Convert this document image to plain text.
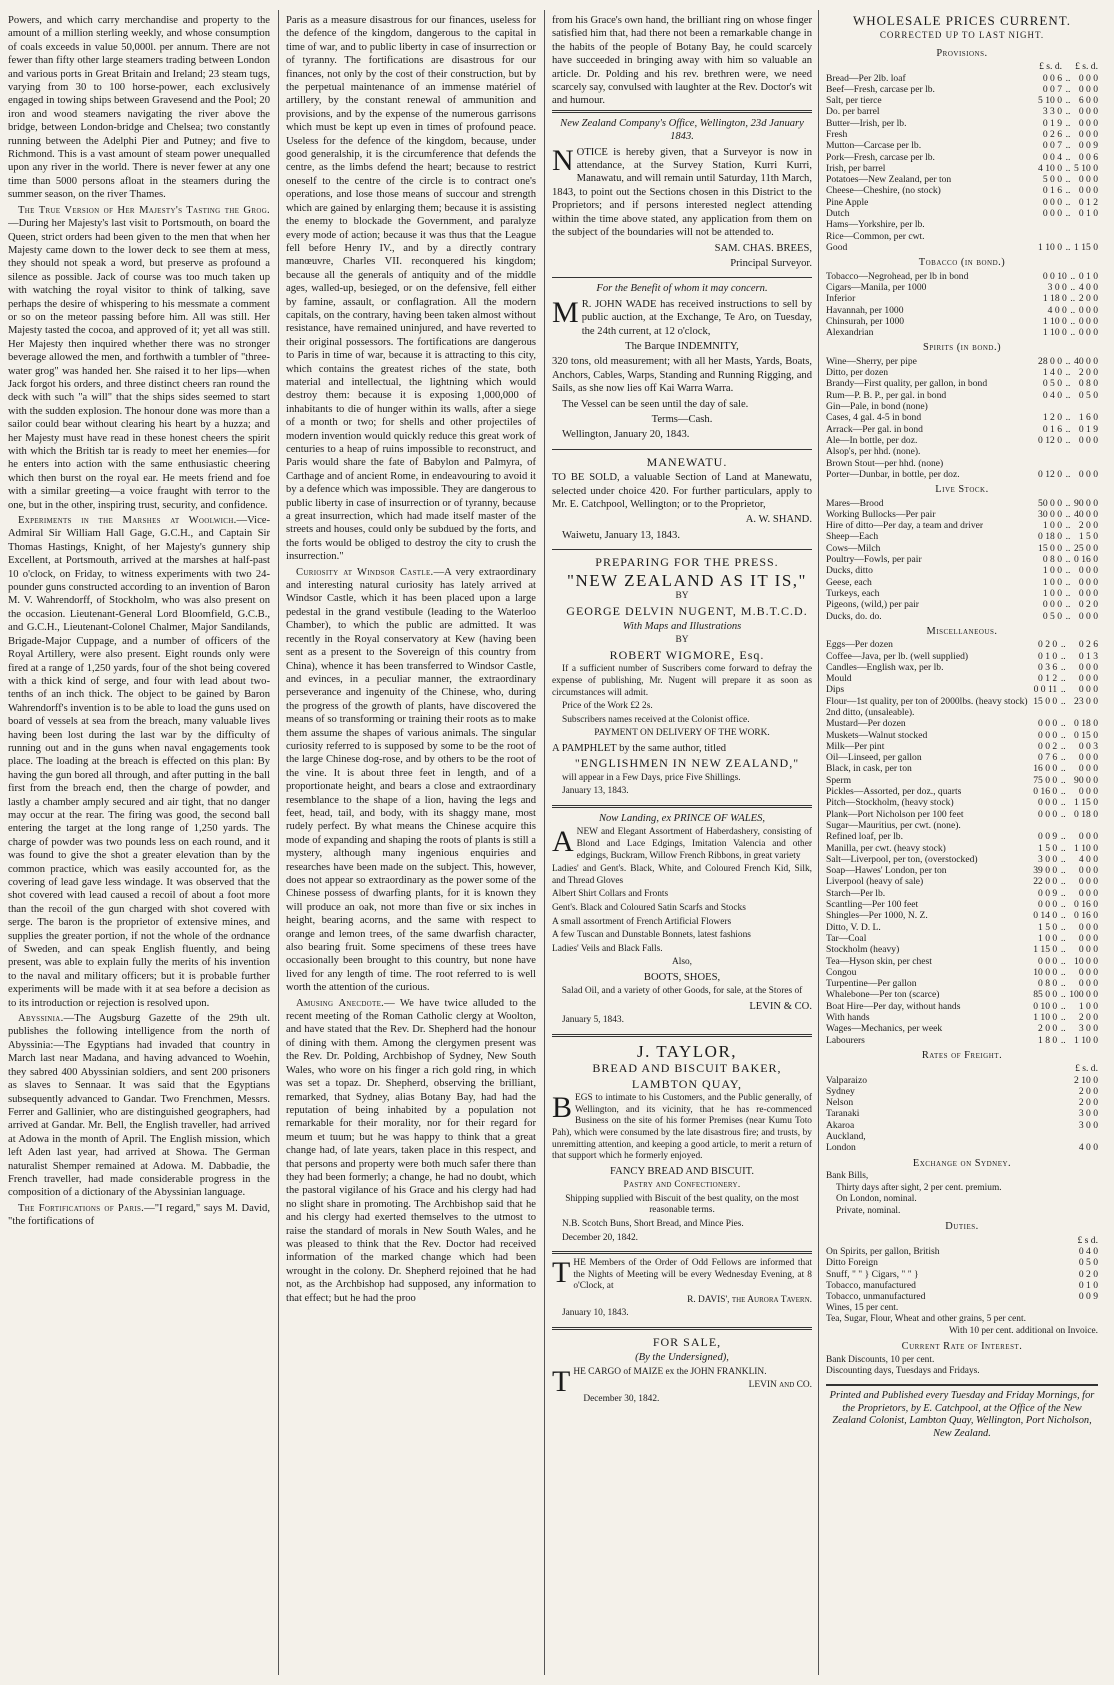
Powers, and which carry merchandise and property to the amount of a million sterling weekly, and whose consumption of coals exceeds in value 50,000l. per annum. There are not fewer than fifty other large steamers trading between London and various ports in Great Britain and Ireland; 23 steam tugs, varying from 30 to 100 horse-power, each exclusively engaged in towing ships between Gravesend and the Pool; 20 iron and wood steamers navigating the river above the bridge, between London-bridge and Chelsea; two constantly running between the Adelphi Pier and Putney; and five to Richmond. This is a vast amount of steam power unequalled upon any river in the world. There is never fewer at any one time than 5000 persons afloat in the steamers during the summer season, on the river Thames.

The True Version of Her Majesty's Tasting the Grog.—During her Majesty's last visit to Portsmouth, on board the Queen, strict orders had been given to the men that when her Majesty came down to the lower deck to see them at mess, they should not speak a word, but preserve as profound a silence as possible. Jack of course was too much taken up with watching the royal visitor to think of talking, save perhaps the desire of whispering to his messmate a comment or so on the meteor passing before him. All was still. Her Majesty tasted the cocoa, and approved of it; yet all was still. Her Majesty then inquired whether there was no stronger beverage allowed the men, and forthwith a tumbler of "three-water grog" was handed her. She raised it to her lips—when Jack forgot his orders, and three distinct cheers ran round the deck with such "a will" that the ships sides seemed to start with the sudden explosion. The honour done was more than a sailor could bear without clearing his heart by a huzza; and her Majesty must have read in these honest cheers the spirit with which the British tar is ready to meet her enemies—for he enters into action with the same enthusiastic cheering which then burst on the royal ear. He meets friend and foe with a similar greeting—a voice fraught with terror to the one, but in the other, inspiring trust, security, and confidence.

Experiments in the Marshes at Woolwich.—Vice-Admiral Sir William Hall Gage, G.C.H., and Captain Sir Thomas Hastings, Knight, of her Majesty's gunnery ship Excellent, at Portsmouth, arrived at the marshes at half-past 10 o'clock, on Friday, to witness experiments with two 24-pounder guns constructed according to an invention of Baron M. V. Wahrendorff, of Stockholm, who was also present on the occasion. Lieutenant-General Lord Bloomfield, G.C.B., and G.C.H., Lieutenant-Colonel Chalmer, Major Sandilands, Brigade-Major Cuppage, and a number of officers of the Royal Artillery, were also present. Eight rounds only were fired at a range of 1,250 yards, four of the shot being covered with a thick kind of serge, and four with lead about two-tenths of an inch thick. The object to be gained by Baron Wahrendorff's invention is to be able to load the guns used on board of vessels at sea from the breach, many valuable lives having been lost during the last war by the difficulty of running out and in the guns when naval engagements took place. The loading at the breach is effected on this plan: By having the gun bored all through, and after putting in the ball first from the breach end, then the charge of powder, and lastly a chamber amply secured and air tight, that no danger may occur at the rear. The firing was good, the second ball entering the target at the long range of 1,250 yards. The charge of powder was two pounds less on each round, and it was found to give the shot a greater elevation than by the common practice, which was easily accounted for, as the covering of lead gave less windage. It was observed that the shot covered with lead caused a recoil of about a foot more than the recoil of the gun charged with shot covered with serge. The baron is the proprietor of extensive mines, and supplies the greater portion, if not the whole of the ordnance of Sweden, and can speak English fluently, and being present, was able to explain fully the merits of his invention to the naval and military officers; but it is probable further experiments will be made with it at sea before a decision as to its introduction or rejection is resolved upon.

Abyssinia.—The Augsburg Gazette of the 29th ult. publishes the following intelligence from the north of Abyssinia:—The Egyptians had invaded that country in March last near Madana, and having advanced to Woehin, they sabred 400 Abyssinian soldiers, and sent 200 prisoners as slaves to Sennaar. It was said that the Egyptians subsequently advanced to Gandar. Two Frenchmen, Messrs. Ferrer and Gallinier, who are distinguished geographers, had arrived at Gandar. Mr. Bell, the English traveller, had arrived at Adowa in the month of April. The English mission, which left Aden last year, had arrived at Showa. The German naturalist Shemper remained at Adowa. M. Dabbadie, the French traveller, had made considerable progress in the composition of a dictionary of the Abyssinian language.

The Fortifications of Paris.—"I regard," says M. David, "the fortifications of

Paris as a measure disastrous for our finances, useless for the defence of the kingdom, dangerous to the capital in time of war, and to public liberty in case of insurrection or of tyranny. The fortifications are disastrous for our finances, not only by the cost of their construction, but by the perpetual maintenance of an immense matériel of artillery, by the constant renewal of ammunition and provisions, and by the expense of the numerous garrisons which must be kept up even in times of profound peace. Useless for the defence of the kingdom, because, under good generalship, it is the circumference that defends the centre, as the limbs defend the heart; because to restrict oneself to the centre of the circle is to contract one's operations, and lose those means of succour and strength which are gained by enlarging them; because it is assisting the enemy to blockade the Government, and paralyze every mode of action; because it was thus that the League fell before Henry IV., and by a directly contrary manœuvre, Charles VII. reconquered his kingdom; because all the generals of antiquity and of the middle ages, walled-up, besieged, or on the defensive, fell either by famine, assault, or conflagration. All the modern capitals, on the contrary, having been taken almost without resistance, have remained uninjured, and have reverted to their original possessors. The fortifications are dangerous to Paris in time of war, because it is attracting to this city, which contains the greatest riches of the state, both material and intellectual, the lightning which would destroy them: because it is exposing 1,000,000 of inhabitants to die of hunger within its walls, after a siege of a month or two; for shells and other projectiles of modern invention would quickly reduce this great work of centuries to a heap of ruins impossible to reconstruct, and Paris would share the fate of Babylon and Palmyra, of Carthage and of ancient Rome, in endeavouring to avoid it by a defence which was impossible. They are dangerous to public liberty in case of insurrection or of tyranny, because a great insurrection, which had made itself master of the streets and houses, could only be subdued by the forts, and the forts would be obliged to destroy the city to crush the insurrection."

Curiosity at Windsor Castle.—A very extraordinary and interesting natural curiosity has lately arrived at Windsor Castle, which it has been placed upon a large pedestal in the grand vestibule (leading to the Waterloo Chamber), to which the public are admitted. It was recently in the Royal conservatory at Kew (having been sent as a present to the Sovereign of this country from China), whence it has been transferred to Windsor Castle, and evinces, in a peculiar manner, the extraordinary perseverance and ingenuity of the Chinese, who, during the progress of the growth of plants, have discovered the means of so transforming or training their roots as to make them assume the shapes of various animals. The singular curiosity referred to is supposed by some to be the root of the large Chinese dog-rose, and by others to be the root of the vine. It is about three feet in length, and of a proportionate height, and bears a close and extraordinary resemblance to the shape of a lion, having the legs and feet, head, tail, and body, with its shaggy mane, most rudely perfect. By what means the Chinese acquire this mode of expanding and shaping the roots of plants is still a mystery, although many ingenious enquiries and researches have been made on the subject. This, however, does not appear so extraordinary as the power some of the Chinese possess of dwarfing plants, for it is known they will produce an oak, not more than five or six inches in height, bearing acorns, and the same with respect to orange and lemon trees, of the same dwarfish character, also bearing fruit. Some specimens of these trees have occasionally been brought to this country, but none have lived for any length of time. The root referred to is well worth the attention of the curious.

Amusing Anecdote.— We have twice alluded to the recent meeting of the Roman Catholic clergy at Woolton, and have stated that the Rev. Dr. Shepherd had the honour of dining with them. Among the clergymen present was the Rev. Dr. Polding, Archbishop of Sydney, New South Wales, who wore on his finger a rich gold ring, in which was set a topaz. Dr. Shepherd, observing the brilliant, remarked, that Sydney, alias Botany Bay, had had the reputation of being inhabited by a population not remarkable for their morality, nor for their regard for meum et tuum; but he was happy to think that a great change had, of late years, taken place in this respect, and that persons and property were both much safer there than they had been formerly; a change, he had no doubt, which the pastoral vigilance of his Grace and his clergy had had no slight share in promoting. The Archbishop said that he and his clergy had exerted themselves to the utmost to raise the standard of morals in New South Wales, and he was pleased to think that the Rev. Doctor had received information of the marked change which had been wrought in the colony. Dr. Shepherd rejoined that he had not, as the Archbishop had supposed, any information to that effect; but he had the proo

from his Grace's own hand, the brilliant ring on whose finger satisfied him that, had there not been a remarkable change in the habits of the people of Botany Bay, he could scarcely have succeeded in bringing away with him so valuable an article. Dr. Polding and his rev. brethren were, we need scarcely say, convulsed with laughter at the Rev. Doctor's wit and humour.

New Zealand Company's Office, Wellington, 23d January 1843.

NOTICE is hereby given, that a Surveyor is now in attendance, at the Survey Station, Kurri Kurri, Manawatu, and will remain until Saturday, 11th March, 1843, to point out the Sections chosen in this District to the Proprietors; and if persons interested neglect attending within the time above stated, any application from them on the subject of the boundaries will not be attended to.

SAM. CHAS. BREES,

Principal Surveyor.

For the Benefit of whom it may concern.

M R. JOHN WADE has received instructions to sell by public auction, at the Exchange, Te Aro, on Tuesday, the 24th current, at 12 o'clock,

The Barque INDEMNITY,

320 tons, old measurement; with all her Masts, Yards, Boats, Anchors, Cables, Warps, Standing and Running Rigging, and Sails, as she now lies off Kai Warra Warra.

The Vessel can be seen until the day of sale.

Terms—Cash.

Wellington, January 20, 1843.

MANEWATU.

TO BE SOLD, a valuable Section of Land at Manewatu, selected under choice 420. For further particulars, apply to Mr. E. Catchpool, Wellington; or to the Proprietor,

A. W. SHAND.

Waiwetu, January 13, 1843.

PREPARING FOR THE PRESS.

"NEW ZEALAND AS IT IS,"

BY

GEORGE DELVIN NUGENT, M.B.T.C.D.

With Maps and Illustrations

BY

ROBERT WIGMORE, Esq.

If a sufficient number of Suscribers come forward to defray the expense of publishing, Mr. Nugent will prepare it as soon as circumstances will admit.

Price of the Work £2 2s.

Subscribers names received at the Colonist office.

PAYMENT ON DELIVERY OF THE WORK.

A PAMPHLET by the same author, titled

"ENGLISHMEN IN NEW ZEALAND,"

will appear in a Few Days, price Five Shillings.

January 13, 1843.

Now Landing, ex PRINCE OF WALES,

ANEW and Elegant Assortment of Haberdashery, consisting of Blond and Lace Edgings, Imitation Valencia and other edgings, Buckram, Willow French Ribbons, in great variety

Ladies' and Gent's. Black, White, and Coloured French Kid, Silk, and Thread Gloves

Albert Shirt Collars and Fronts

Gent's. Black and Coloured Satin Scarfs and Stocks

A small assortment of French Artificial Flowers

A few Tuscan and Dunstable Bonnets, latest fashions

Ladies' Veils and Black Falls.

Also,

BOOTS, SHOES,

Salad Oil, and a variety of other Goods, for sale, at the Stores of

LEVIN & CO.

January 5, 1843.

J. TAYLOR,

BREAD AND BISCUIT BAKER,

LAMBTON QUAY,

BEGS to intimate to his Customers, and the Public generally, of Wellington, and its vicinity, that he has re-commenced Business on the site of his former Premises (near Kumu Toto Pah), which were consumed by the late disastrous fire; and trusts, by unremitting attention, and keeping a good article, to merit a return of that support which he formerly enjoyed.

FANCY BREAD AND BISCUIT.

Pastry and Confectionery.

Shipping supplied with Biscuit of the best quality, on the most reasonable terms.

N.B. Scotch Buns, Short Bread, and Mince Pies.

December 20, 1842.

THE Members of the Order of Odd Fellows are informed that the Nights of Meeting will be every Wednesday Evening, at 8 o'Clock, at

R. DAVIS', the Aurora Tavern.

January 10, 1843.

FOR SALE,

(By the Undersigned),

THE CARGO of MAIZE ex the JOHN FRANKLIN.

LEVIN and CO.

December 30, 1842.

WHOLESALE PRICES CURRENT.
CORRECTED UP TO LAST NIGHT.
Provisions.
	£ s. d.		£ s. d.
Bread—Per 2lb. loaf	0 0 6	..	0 0 0
Beef—Fresh, carcase per lb.	0 0 7	..	0 0 0
Salt, per tierce	5 10 0	..	6 0 0
Do. per barrel	3 3 0	..	0 0 0
Butter—Irish, per lb.	0 1 9	..	0 0 0
Fresh	0 2 6	..	0 0 0
Mutton—Carcase per lb.	0 0 7	..	0 0 9
Pork—Fresh, carcase per lb.	0 0 4	..	0 0 6
Irish, per barrel	4 10 0	..	5 10 0
Potatoes—New Zealand, per ton	5 0 0	..	0 0 0
Cheese—Cheshire, (no stock)	0 1 6	..	0 0 0
Pine Apple	0 0 0	..	0 1 2
Dutch	0 0 0	..	0 1 0
Hams—Yorkshire, per lb.			
Rice—Common, per cwt.			
Good	1 10 0	..	1 15 0
Tobacco (in bond.)
Tobacco—Negrohead, per lb in bond	0 0 10	..	0 1 0
Cigars—Manila, per 1000	3 0 0	..	4 0 0
Inferior	1 18 0	..	2 0 0
Havannah, per 1000	4 0 0	..	0 0 0
Chinsurah, per 1000	1 10 0	..	0 0 0
Alexandrian	1 10 0	..	0 0 0
Spirits (in bond.)
Wine—Sherry, per pipe	28 0 0	..	40 0 0
Ditto, per dozen	1 4 0	..	2 0 0
Brandy—First quality, per gallon, in bond	0 5 0	..	0 8 0
Rum—P. B. P., per gal. in bond	0 4 0	..	0 5 0
Gin—Pale, in bond (none)			
Cases, 4 gal. 4-5 in bond	1 2 0	..	1 6 0
Arrack—Per gal. in bond	0 1 6	..	0 1 9
Ale—In bottle, per doz.	0 12 0	..	0 0 0
Alsop's, per hhd. (none).			
Brown Stout—per hhd. (none)			
Porter—Dunbar, in bottle, per doz.	0 12 0	..	0 0 0
Live Stock.
Mares—Brood	50 0 0	..	90 0 0
Working Bullocks—Per pair	30 0 0	..	40 0 0
Hire of ditto—Per day, a team and driver	1 0 0	..	2 0 0
Sheep—Each	0 18 0	..	1 5 0
Cows—Milch	15 0 0	..	25 0 0
Poultry—Fowls, per pair	0 8 0	..	0 16 0
Ducks, ditto	1 0 0	..	0 0 0
Geese, each	1 0 0	..	0 0 0
Turkeys, each	1 0 0	..	0 0 0
Pigeons, (wild,) per pair	0 0 0	..	0 2 0
Ducks, do. do.	0 5 0	..	0 0 0
Miscellaneous.
Eggs—Per dozen	0 2 0	..	0 2 6
Coffee—Java, per lb. (well supplied)	0 1 0	..	0 1 3
Candles—English wax, per lb.	0 3 6	..	0 0 0
Mould	0 1 2	..	0 0 0
Dips	0 0 11	..	0 0 0
Flour—1st quality, per ton of 2000lbs. (heavy stock)	15 0 0	..	23 0 0
2nd ditto, (unsaleable).			
Mustard—Per dozen	0 0 0	..	0 18 0
Muskets—Walnut stocked	0 0 0	..	0 15 0
Milk—Per pint	0 0 2	..	0 0 3
Oil—Linseed, per gallon	0 7 6	..	0 0 0
Black, in cask, per ton	16 0 0	..	0 0 0
Sperm	75 0 0	..	90 0 0
Pickles—Assorted, per doz., quarts	0 16 0	..	0 0 0
Pitch—Stockholm, (heavy stock)	0 0 0	..	1 15 0
Plank—Port Nicholson per 100 feet	0 0 0	..	0 18 0
Sugar—Mauritius, per cwt. (none).			
Refined loaf, per lb.	0 0 9	..	0 0 0
Manilla, per cwt. (heavy stock)	1 5 0	..	1 10 0
Salt—Liverpool, per ton, (overstocked)	3 0 0	..	4 0 0
Soap—Hawes' London, per ton	39 0 0	..	0 0 0
Liverpool (heavy of sale)	22 0 0	..	0 0 0
Starch—Per lb.	0 0 9	..	0 0 0
Scantling—Per 100 feet	0 0 0	..	0 16 0
Shingles—Per 1000, N. Z.	0 14 0	..	0 16 0
Ditto, V. D. L.	1 5 0	..	0 0 0
Tar—Coal	1 0 0	..	0 0 0
Stockholm (heavy)	1 15 0	..	0 0 0
Tea—Hyson skin, per chest	0 0 0	..	10 0 0
Congou	10 0 0	..	0 0 0
Turpentine—Per gallon	0 8 0	..	0 0 0
Whalebone—Per ton (scarce)	85 0 0	..	100 0 0
Boat Hire—Per day, without hands	0 10 0	..	1 0 0
With hands	1 10 0	..	2 0 0
Wages—Mechanics, per week	2 0 0	..	3 0 0
Labourers	1 8 0	..	1 10 0
Rates of Freight.
	£ s. d.
Valparaizo	2 10 0
Sydney	2 0 0
Nelson	2 0 0
Taranaki	3 0 0
Akaroa	3 0 0
Auckland,	
London	4 0 0
Exchange on Sydney.
Bank Bills,
Thirty days after sight, 2 per cent. premium.
On London, nominal.
Private, nominal.
Duties.
	£ s d.
On Spirits, per gallon, British	0 4 0
Ditto Foreign	0 5 0
Snuff, " " } Cigars, " " }	0 2 0
Tobacco, manufactured	0 1 0
Tobacco, unmanufactured	0 0 9
Wines, 15 per cent.
Tea, Sugar, Flour, Wheat and other grains, 5 per cent.
With 10 per cent. additional on Invoice.
Current Rate of Interest.
Bank Discounts, 10 per cent.
Discounting days, Tuesdays and Fridays.
Printed and Published every Tuesday and Friday Mornings, for the Proprietors, by E. Catchpool, at the Office of the New Zealand Colonist, Lambton Quay, Wellington, Port Nicholson, New Zealand.
